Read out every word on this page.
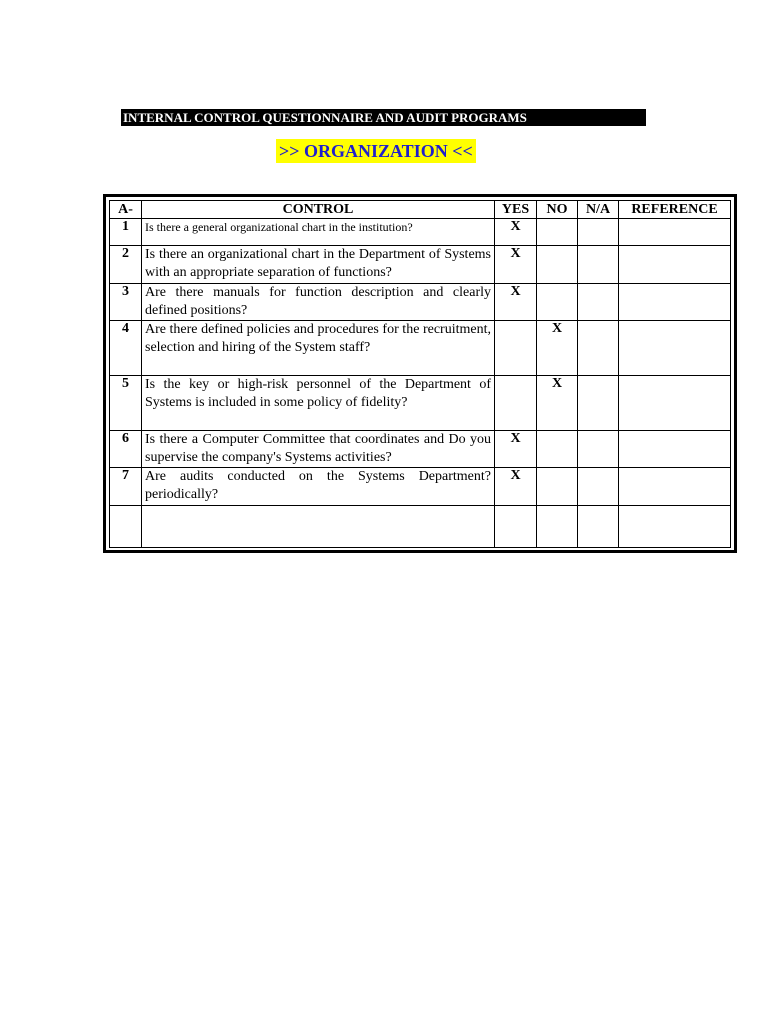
INTERNAL CONTROL QUESTIONNAIRE AND AUDIT PROGRAMS
>> ORGANIZATION <<
A-	CONTROL	YES	NO	N/A	REFERENCE
1	Is there a general organizational chart in the institution?	X			
2	Is there an organizational chart in the Department of Systems with an appropriate separation of functions?	X			
3	Are there manuals for function description and clearly defined positions?	X			
4	Are there defined policies and procedures for the recruitment, selection and hiring of the System staff?		X		
5	Is the key or high-risk personnel of the Department of Systems is included in some policy of fidelity?		X		
6	Is there a Computer Committee that coordinates and Do you supervise the company's Systems activities?	X			
7	Are audits conducted on the Systems Department? periodically?	X			
